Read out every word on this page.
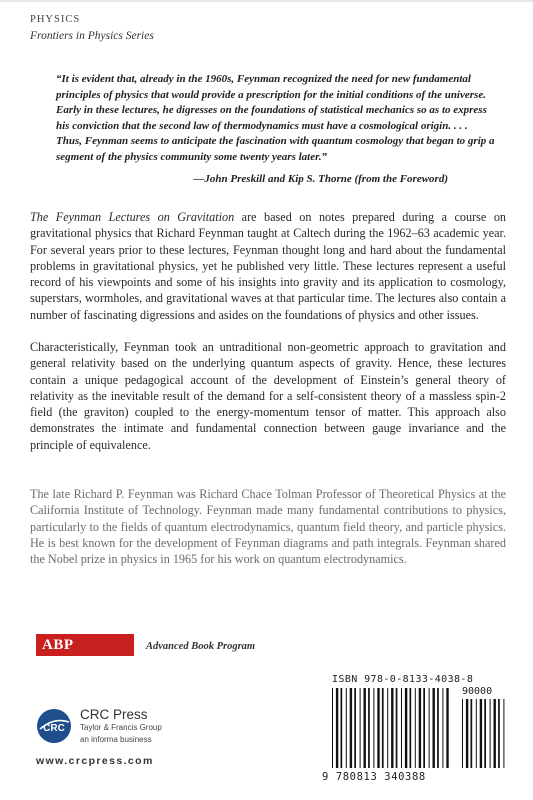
PHYSICS
Frontiers in Physics Series
“It is evident that, already in the 1960s, Feynman recognized the need for new fundamental principles of physics that would provide a prescription for the initial conditions of the universe. Early in these lectures, he digresses on the foundations of statistical mechanics so as to express his conviction that the second law of thermodynamics must have a cosmological origin. . . . Thus, Feynman seems to anticipate the fascination with quantum cosmology that began to grip a segment of the physics community some twenty years later.”
—John Preskill and Kip S. Thorne (from the Foreword)
The Feynman Lectures on Gravitation are based on notes prepared during a course on gravitational physics that Richard Feynman taught at Caltech during the 1962–63 academic year. For several years prior to these lectures, Feynman thought long and hard about the fundamental problems in gravitational physics, yet he published very little. These lectures represent a useful record of his viewpoints and some of his insights into gravity and its application to cosmology, superstars, wormholes, and gravitational waves at that particular time. The lectures also contain a number of fascinating digressions and asides on the foundations of physics and other issues.
Characteristically, Feynman took an untraditional non-geometric approach to gravitation and general relativity based on the underlying quantum aspects of gravity. Hence, these lectures contain a unique pedagogical account of the development of Einstein’s general theory of relativity as the inevitable result of the demand for a self-consistent theory of a massless spin-2 field (the graviton) coupled to the energy-momentum tensor of matter. This approach also demonstrates the intimate and fundamental connection between gauge invariance and the principle of equivalence.
The late Richard P. Feynman was Richard Chace Tolman Professor of Theoretical Physics at the California Institute of Technology. Feynman made many fundamental contributions to physics, particularly to the fields of quantum electrodynamics, quantum field theory, and particle physics. He is best known for the development of Feynman diagrams and path integrals. Feynman shared the Nobel prize in physics in 1965 for his work on quantum electrodynamics.
ABP	Advanced Book Program
CRC
CRC Press
Taylor & Francis Group
an informa business
www.crcpress.com
ISBN 978-0-8133-4038-8
90000
9 780813 340388
